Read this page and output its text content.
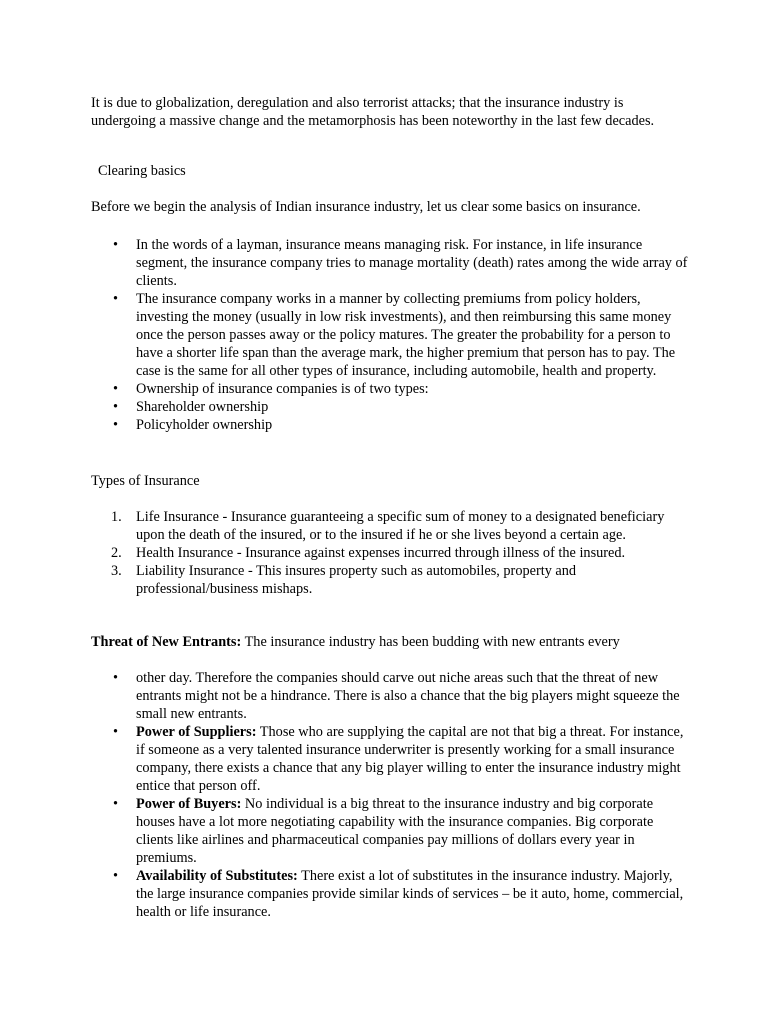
It is due to globalization, deregulation and also terrorist attacks; that the insurance industry is undergoing a massive change and the metamorphosis has been noteworthy in the last few decades.

Clearing basics

Before we begin the analysis of Indian insurance industry, let us clear some basics on insurance.

• In the words of a layman, insurance means managing risk. For instance, in life insurance segment, the insurance company tries to manage mortality (death) rates among the wide array of clients.
• The insurance company works in a manner by collecting premiums from policy holders, investing the money (usually in low risk investments), and then reimbursing this same money once the person passes away or the policy matures. The greater the probability for a person to have a shorter life span than the average mark, the higher premium that person has to pay. The case is the same for all other types of insurance, including automobile, health and property.
• Ownership of insurance companies is of two types:
• Shareholder ownership
• Policyholder ownership

Types of Insurance

1. Life Insurance - Insurance guaranteeing a specific sum of money to a designated beneficiary upon the death of the insured, or to the insured if he or she lives beyond a certain age.
2. Health Insurance - Insurance against expenses incurred through illness of the insured.
3. Liability Insurance - This insures property such as automobiles, property and professional/business mishaps.

Threat of New Entrants: The insurance industry has been budding with new entrants every

• other day. Therefore the companies should carve out niche areas such that the threat of new entrants might not be a hindrance. There is also a chance that the big players might squeeze the small new entrants.
• Power of Suppliers: Those who are supplying the capital are not that big a threat. For instance, if someone as a very talented insurance underwriter is presently working for a small insurance company, there exists a chance that any big player willing to enter the insurance industry might entice that person off.
• Power of Buyers: No individual is a big threat to the insurance industry and big corporate houses have a lot more negotiating capability with the insurance companies. Big corporate clients like airlines and pharmaceutical companies pay millions of dollars every year in premiums.
• Availability of Substitutes: There exist a lot of substitutes in the insurance industry. Majorly, the large insurance companies provide similar kinds of services – be it auto, home, commercial, health or life insurance.
